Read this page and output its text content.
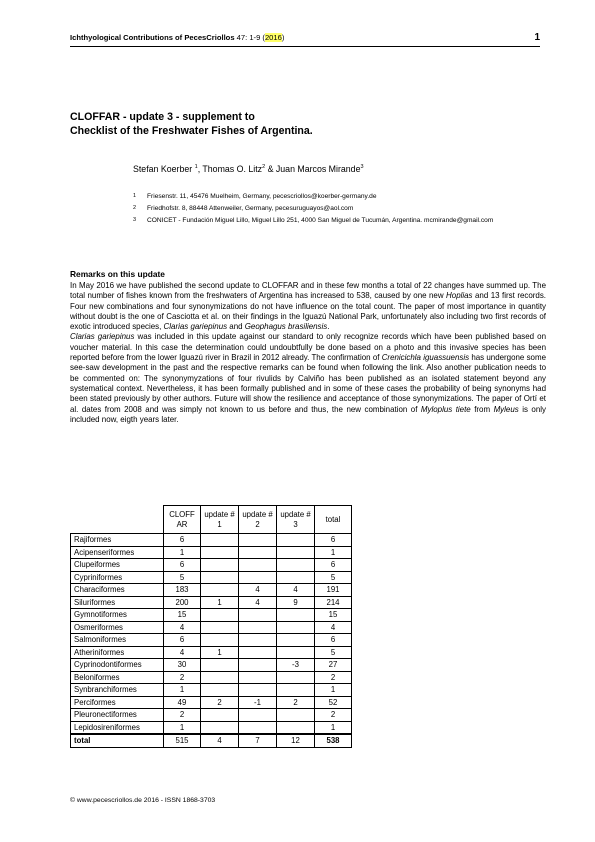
Ichthyological Contributions of PecesCriollos 47: 1-9 (2016)	1
CLOFFAR - update 3 - supplement to
Checklist of the Freshwater Fishes of Argentina.
Stefan Koerber $^1$, Thomas O. Litz$^2$ & Juan Marcos Mirande$^3$
1	Friesenstr. 11, 45476 Muelheim, Germany, pecescriollos@koerber-germany.de
2	Friedhofstr. 8, 88448 Attenweiler, Germany, pecesuruguayos@aol.com
3	CONICET - Fundación Miguel Lillo, Miguel Lillo 251, 4000 San Miguel de Tucumán, Argentina. mcmirande@gmail.com
Remarks on this update

In May 2016 we have published the second update to CLOFFAR and in these few months a total of 22 changes have summed up. The total number of fishes known from the freshwaters of Argentina has increased to 538, caused by one new Hoplias and 13 first records. Four new combinations and four synonymizations do not have influence on the total count. The paper of most importance in quantity without doubt is the one of Casciotta et al. on their findings in the Iguazú National Park, unfortunately also including two first records of exotic introduced species, Clarias gariepinus and Geophagus brasiliensis.

Clarias gariepinus was included in this update against our standard to only recognize records which have been published based on voucher material. In this case the determination could undoubtfully be done based on a photo and this invasive species has been reported before from the lower Iguazú river in Brazil in 2012 already. The confirmation of Crenicichla iguassuensis has undergone some see-saw development in the past and the respective remarks can be found when following the link. Also another publication needs to be commented on: The synonymyzations of four rivulids by Calviño has been published as an isolated statement beyond any systematical context. Nevertheless, it has been formally published and in some of these cases the probability of being synonyms had been stated previously by other authors. Future will show the resilience and acceptance of those synonymizations. The paper of Ortí et al. dates from 2008 and was simply not known to us before and thus, the new combination of Myloplus tiete from Myleus is only included now, eigth years later.

	CLOFF AR	update # 1	update # 2	update # 3	total
Rajiformes	6				6
Acipenseriformes	1				1
Clupeiformes	6				6
Cypriniformes	5				5
Characiformes	183		4	4	191
Siluriformes	200	1	4	9	214
Gymnotiformes	15				15
Osmeriformes	4				4
Salmoniformes	6				6
Atheriniformes	4	1			5
Cyprinodontiformes	30			-3	27
Beloniformes	2				2
Synbranchiformes	1				1
Perciformes	49	2	-1	2	52
Pleuronectiformes	2				2
Lepidosireniformes	1				1
total	515	4	7	12	538
© www.pecescriollos.de 2016 - ISSN 1868-3703
